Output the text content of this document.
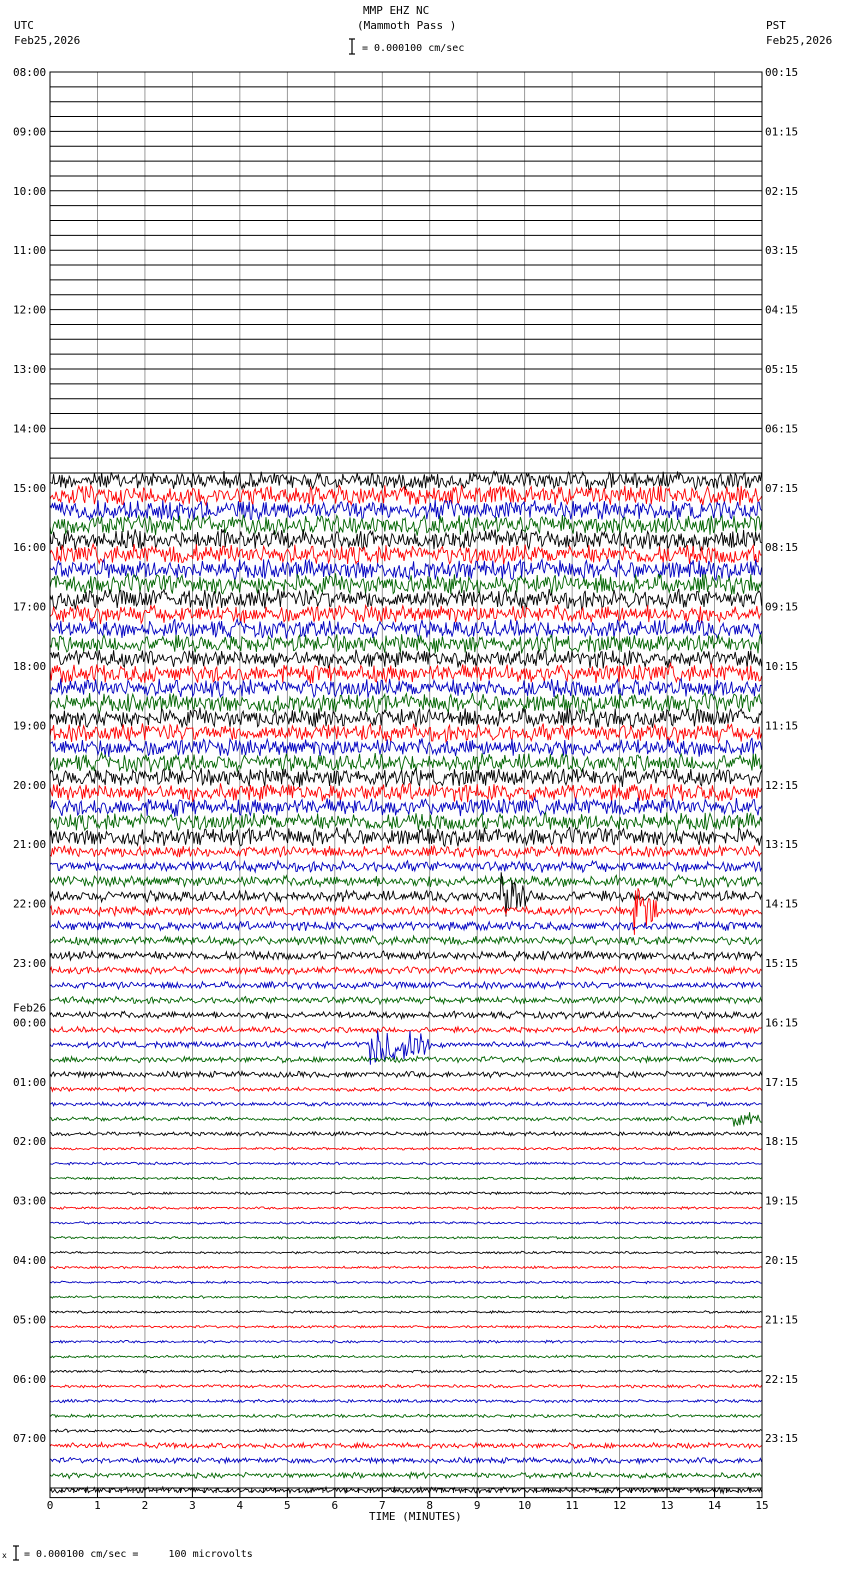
MMP EHZ NC
(Mammoth Pass )
UTC
Feb25,2026
PST
Feb25,2026
= 0.000100 cm/sec
08:00	00:15
09:00	01:15
10:00	02:15
11:00	03:15
12:00	04:15
13:00	05:15
14:00	06:15
15:00	07:15
16:00	08:15
17:00	09:15
18:00	10:15
19:00	11:15
20:00	12:15
21:00	13:15
22:00	14:15
23:00	15:15
00:00	16:15
01:00	17:15
02:00	18:15
03:00	19:15
04:00	20:15
05:00	21:15
06:00	22:15
07:00	23:15
Feb26
0	1	2	3	4	5	6	7	8	9	10	11	12	13	14	15
TIME (MINUTES)
x = 0.000100 cm/sec =     100 microvolts
